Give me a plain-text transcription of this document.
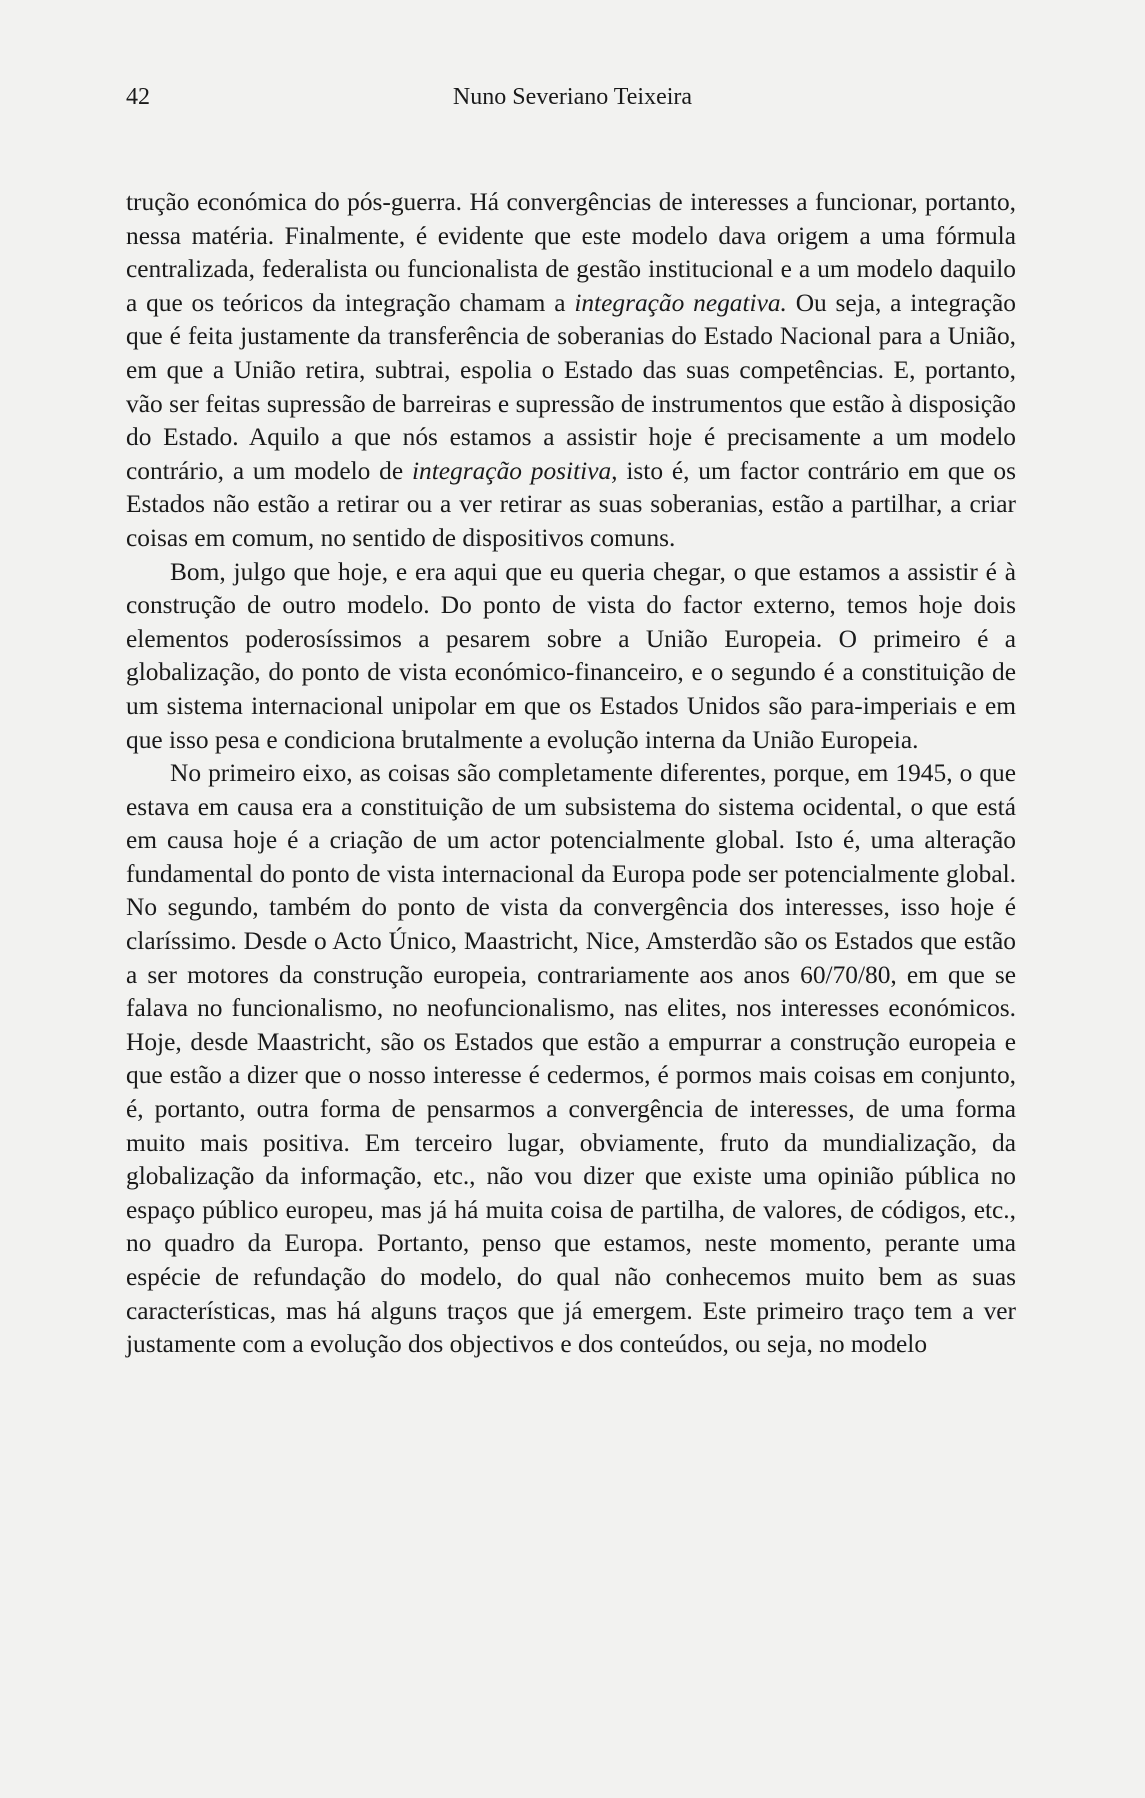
42	Nuno Severiano Teixeira

trução económica do pós-guerra. Há convergências de interesses a funcionar, portanto, nessa matéria. Finalmente, é evidente que este modelo dava origem a uma fórmula centralizada, federalista ou funcionalista de gestão institucional e a um modelo daquilo a que os teóricos da integração chamam a integração negativa. Ou seja, a integração que é feita justamente da transferência de soberanias do Estado Nacional para a União, em que a União retira, subtrai, espolia o Estado das suas competências. E, portanto, vão ser feitas supressão de barreiras e supressão de instrumentos que estão à disposição do Estado. Aquilo a que nós estamos a assistir hoje é precisamente a um modelo contrário, a um modelo de integração positiva, isto é, um factor contrário em que os Estados não estão a retirar ou a ver retirar as suas soberanias, estão a partilhar, a criar coisas em comum, no sentido de dispositivos comuns.

Bom, julgo que hoje, e era aqui que eu queria chegar, o que estamos a assistir é à construção de outro modelo. Do ponto de vista do factor externo, temos hoje dois elementos poderosíssimos a pesarem sobre a União Europeia. O primeiro é a globalização, do ponto de vista económico-financeiro, e o segundo é a constituição de um sistema internacional unipolar em que os Estados Unidos são para-imperiais e em que isso pesa e condiciona brutalmente a evolução interna da União Europeia.

No primeiro eixo, as coisas são completamente diferentes, porque, em 1945, o que estava em causa era a constituição de um subsistema do sistema ocidental, o que está em causa hoje é a criação de um actor potencialmente global. Isto é, uma alteração fundamental do ponto de vista internacional da Europa pode ser potencialmente global. No segundo, também do ponto de vista da convergência dos interesses, isso hoje é claríssimo. Desde o Acto Único, Maastricht, Nice, Amsterdão são os Estados que estão a ser motores da construção europeia, contrariamente aos anos 60/70/80, em que se falava no funcionalismo, no neofuncionalismo, nas elites, nos interesses económicos. Hoje, desde Maastricht, são os Estados que estão a empurrar a construção europeia e que estão a dizer que o nosso interesse é cedermos, é pormos mais coisas em conjunto, é, portanto, outra forma de pensarmos a convergência de interesses, de uma forma muito mais positiva. Em terceiro lugar, obviamente, fruto da mundialização, da globalização da informação, etc., não vou dizer que existe uma opinião pública no espaço público europeu, mas já há muita coisa de partilha, de valores, de códigos, etc., no quadro da Europa. Portanto, penso que estamos, neste momento, perante uma espécie de refundação do modelo, do qual não conhecemos muito bem as suas características, mas há alguns traços que já emergem. Este primeiro traço tem a ver justamente com a evolução dos objectivos e dos conteúdos, ou seja, no modelo
